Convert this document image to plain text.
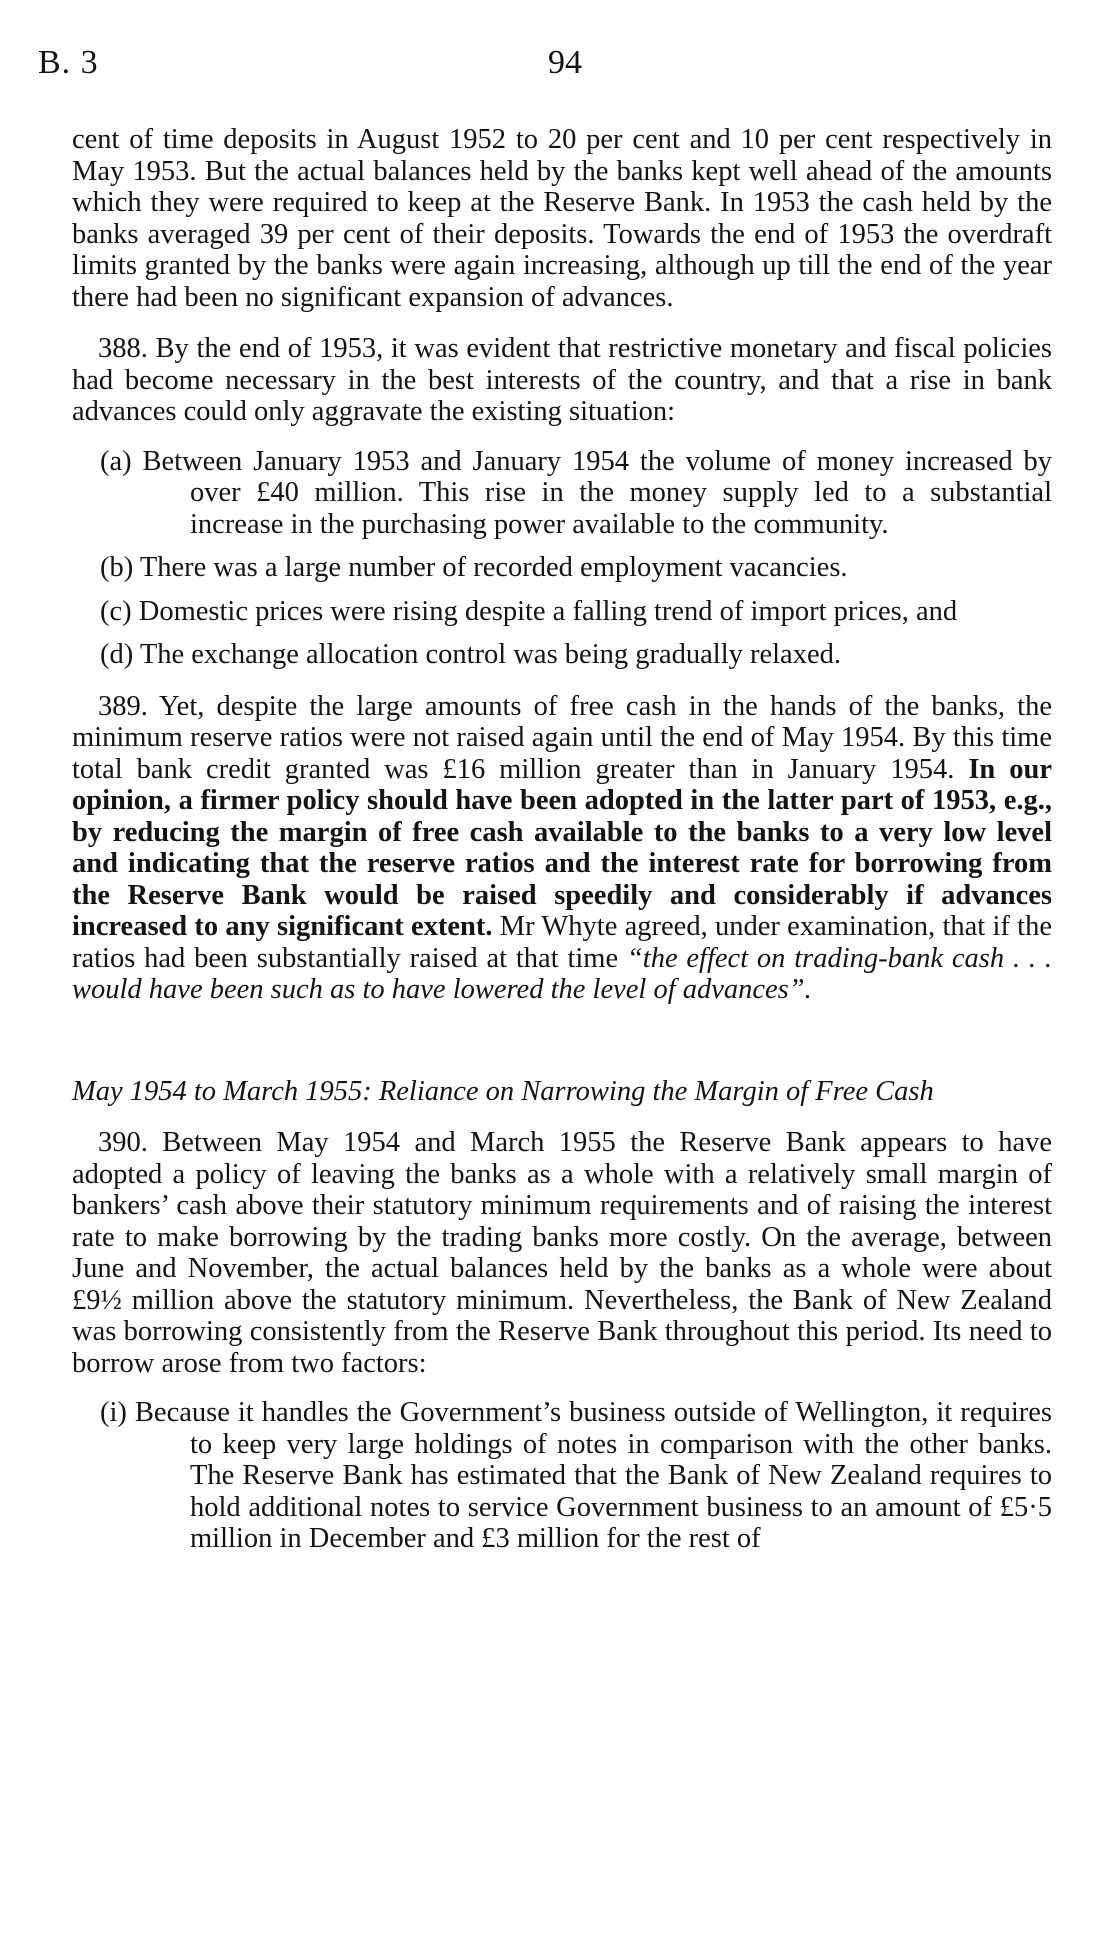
B. 3	94

cent of time deposits in August 1952 to 20 per cent and 10 per cent respectively in May 1953. But the actual balances held by the banks kept well ahead of the amounts which they were required to keep at the Reserve Bank. In 1953 the cash held by the banks averaged 39 per cent of their deposits. Towards the end of 1953 the overdraft limits granted by the banks were again increasing, although up till the end of the year there had been no significant expansion of advances.

388. By the end of 1953, it was evident that restrictive monetary and fiscal policies had become necessary in the best interests of the country, and that a rise in bank advances could only aggravate the existing situation:

(a) Between January 1953 and January 1954 the volume of money increased by over £40 million. This rise in the money supply led to a substantial increase in the purchasing power available to the community.

(b) There was a large number of recorded employment vacancies.

(c) Domestic prices were rising despite a falling trend of import prices, and

(d) The exchange allocation control was being gradually relaxed.

389. Yet, despite the large amounts of free cash in the hands of the banks, the minimum reserve ratios were not raised again until the end of May 1954. By this time total bank credit granted was £16 million greater than in January 1954. In our opinion, a firmer policy should have been adopted in the latter part of 1953, e.g., by reducing the margin of free cash available to the banks to a very low level and indicating that the reserve ratios and the interest rate for borrowing from the Reserve Bank would be raised speedily and considerably if advances increased to any significant extent. Mr Whyte agreed, under examination, that if the ratios had been substantially raised at that time “the effect on trading-bank cash . . . would have been such as to have lowered the level of advances”.

May 1954 to March 1955: Reliance on Narrowing the Margin of Free Cash

390. Between May 1954 and March 1955 the Reserve Bank appears to have adopted a policy of leaving the banks as a whole with a relatively small margin of bankers’ cash above their statutory minimum requirements and of raising the interest rate to make borrowing by the trading banks more costly. On the average, between June and November, the actual balances held by the banks as a whole were about £9½ million above the statutory minimum. Nevertheless, the Bank of New Zealand was borrowing consistently from the Reserve Bank throughout this period. Its need to borrow arose from two factors:

(i) Because it handles the Government’s business outside of Wellington, it requires to keep very large holdings of notes in comparison with the other banks. The Reserve Bank has estimated that the Bank of New Zealand requires to hold additional notes to service Government business to an amount of £5·5 million in December and £3 million for the rest of
